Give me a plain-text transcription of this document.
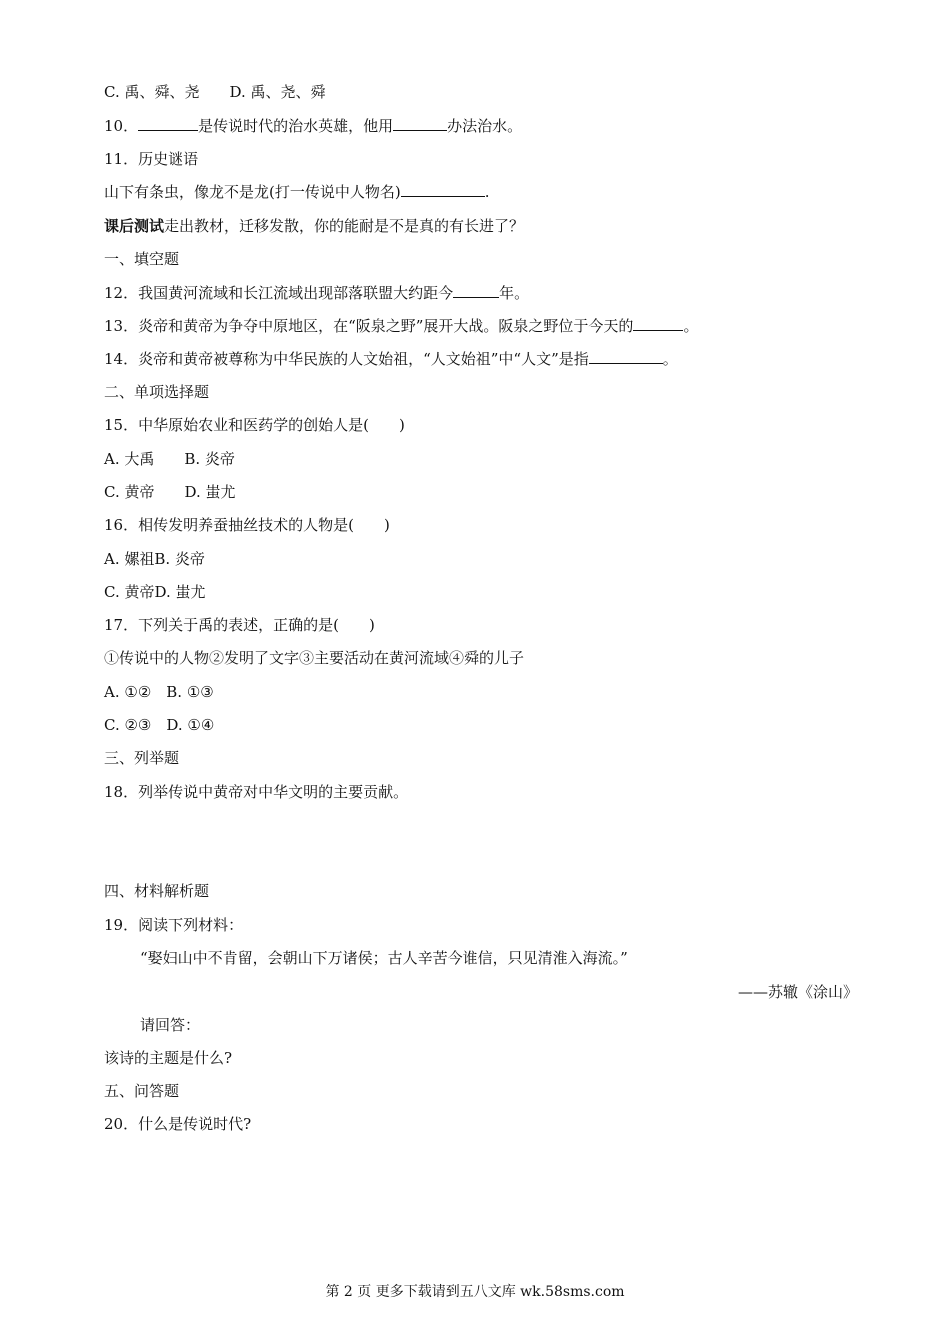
C. 禹、舜、尧　　D. 禹、尧、舜
10．	是传说时代的治水英雄，他用	办法治水。
11．历史谜语
山下有条虫，像龙不是龙(打一传说中人物名)	.
课后测试走出教材，迁移发散，你的能耐是不是真的有长进了？
一、填空题
12．我国黄河流域和长江流域出现部落联盟大约距今	年。
13．炎帝和黄帝为争夺中原地区，在“阪泉之野”展开大战。阪泉之野位于今天的	。
14．炎帝和黄帝被尊称为中华民族的人文始祖，“人文始祖”中“人文”是指	。
二、单项选择题
15．中华原始农业和医药学的创始人是(　　)
A. 大禹　　B. 炎帝
C. 黄帝　　D. 蚩尤
16．相传发明养蚕抽丝技术的人物是(　　)
A. 嫘祖B. 炎帝
C. 黄帝D. 蚩尤
17．下列关于禹的表述，正确的是(　　)
①传说中的人物②发明了文字③主要活动在黄河流域④舜的儿子
A. ①②　B. ①③
C. ②③　D. ①④
三、列举题
18．列举传说中黄帝对中华文明的主要贡献。
四、材料解析题
19．阅读下列材料：
“娶妇山中不肯留，会朝山下万诸侯；古人辛苦今谁信，只见清淮入海流。”
——苏辙《涂山》
请回答：
该诗的主题是什么?
五、问答题
20．什么是传说时代?
第 2 页 更多下载请到五八文库 wk.58sms.com
